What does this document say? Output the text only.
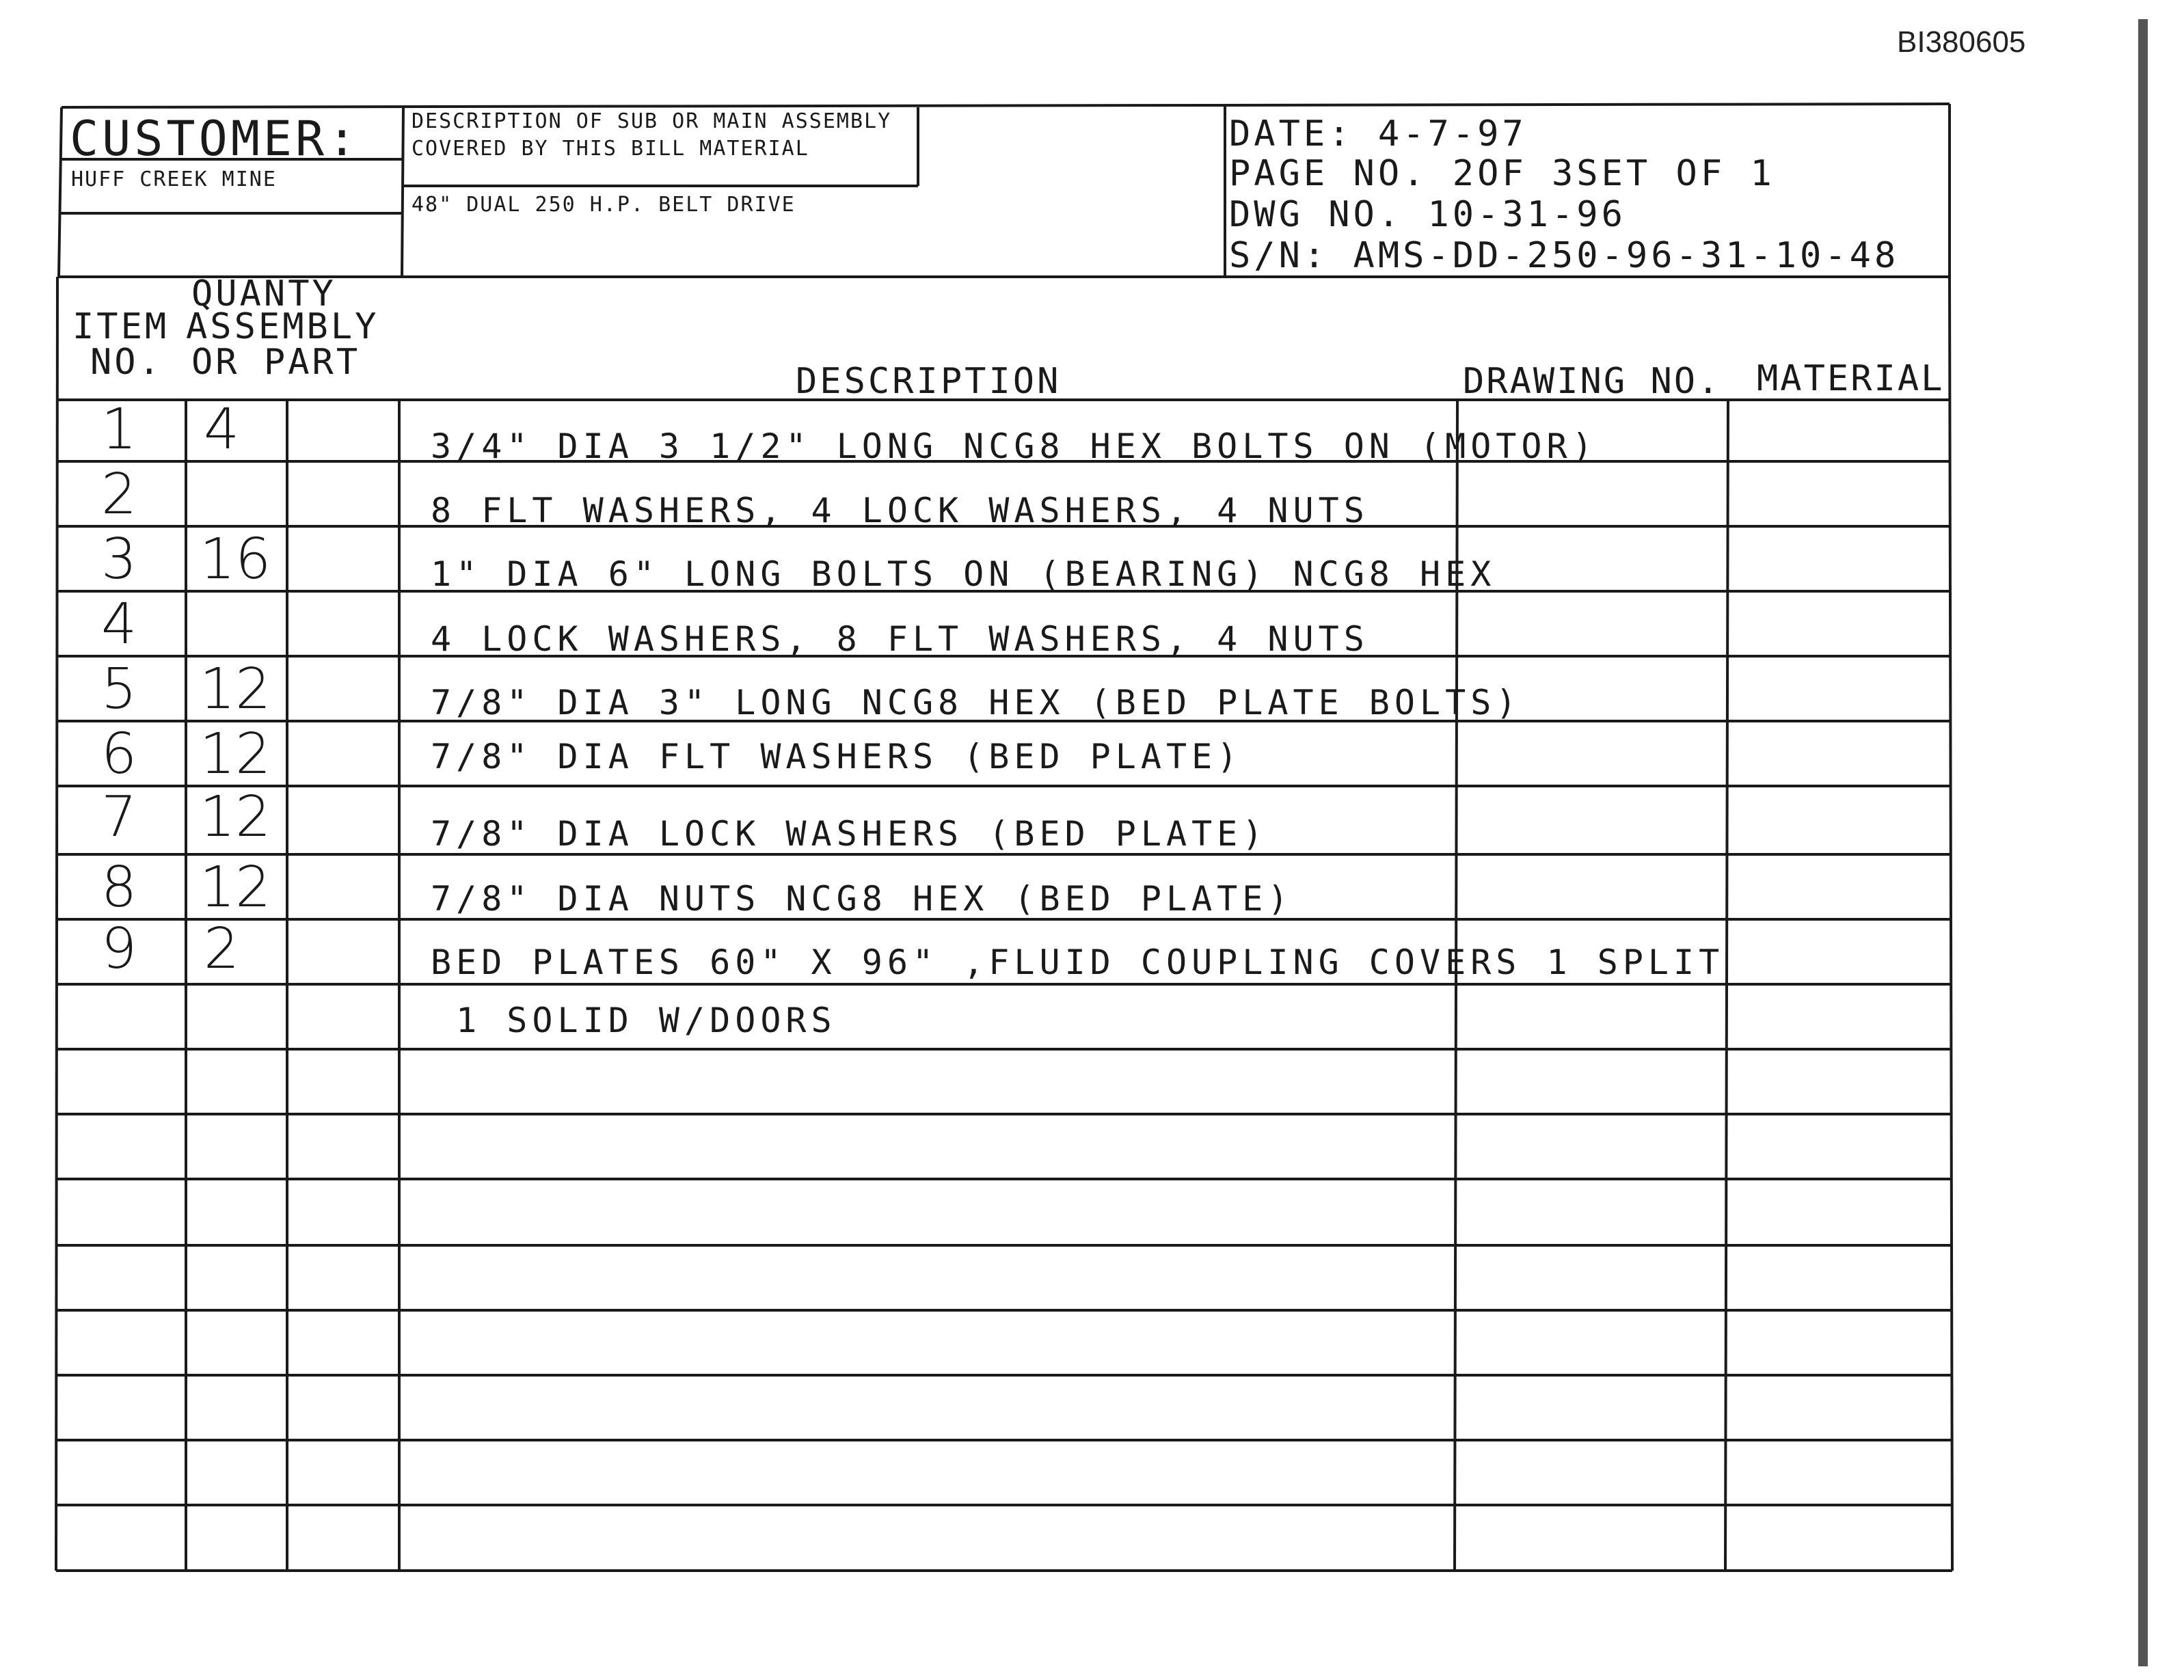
BI380605
CUSTOMER:
HUFF CREEK MINE
DESCRIPTION OF SUB OR MAIN ASSEMBLY
COVERED BY THIS BILL MATERIAL
48" DUAL 250 H.P. BELT DRIVE
DATE: 4-7-97
PAGE NO. 2OF 3SET OF 1
DWG NO. 10-31-96
S/N: AMS-DD-250-96-31-10-48
QUANTY
ITEM ASSEMBLY
NO. OR PART	DESCRIPTION	DRAWING NO. MATERIAL
1 4	3/4" DIA 3 1/2" LONG NCG8 HEX BOLTS ON (MOTOR)
2	8 FLT WASHERS, 4 LOCK WASHERS, 4 NUTS
3 16	1" DIA 6" LONG BOLTS ON (BEARING) NCG8 HEX
4	4 LOCK WASHERS, 8 FLT WASHERS, 4 NUTS
5 12	7/8" DIA 3" LONG NCG8 HEX (BED PLATE BOLTS)
6 12	7/8" DIA FLT WASHERS (BED PLATE)
7 12	7/8" DIA LOCK WASHERS (BED PLATE)
8 12	7/8" DIA NUTS NCG8 HEX (BED PLATE)
9 2	BED PLATES 60" X 96" ,FLUID COUPLING COVERS 1 SPLIT
1 SOLID W/DOORS
